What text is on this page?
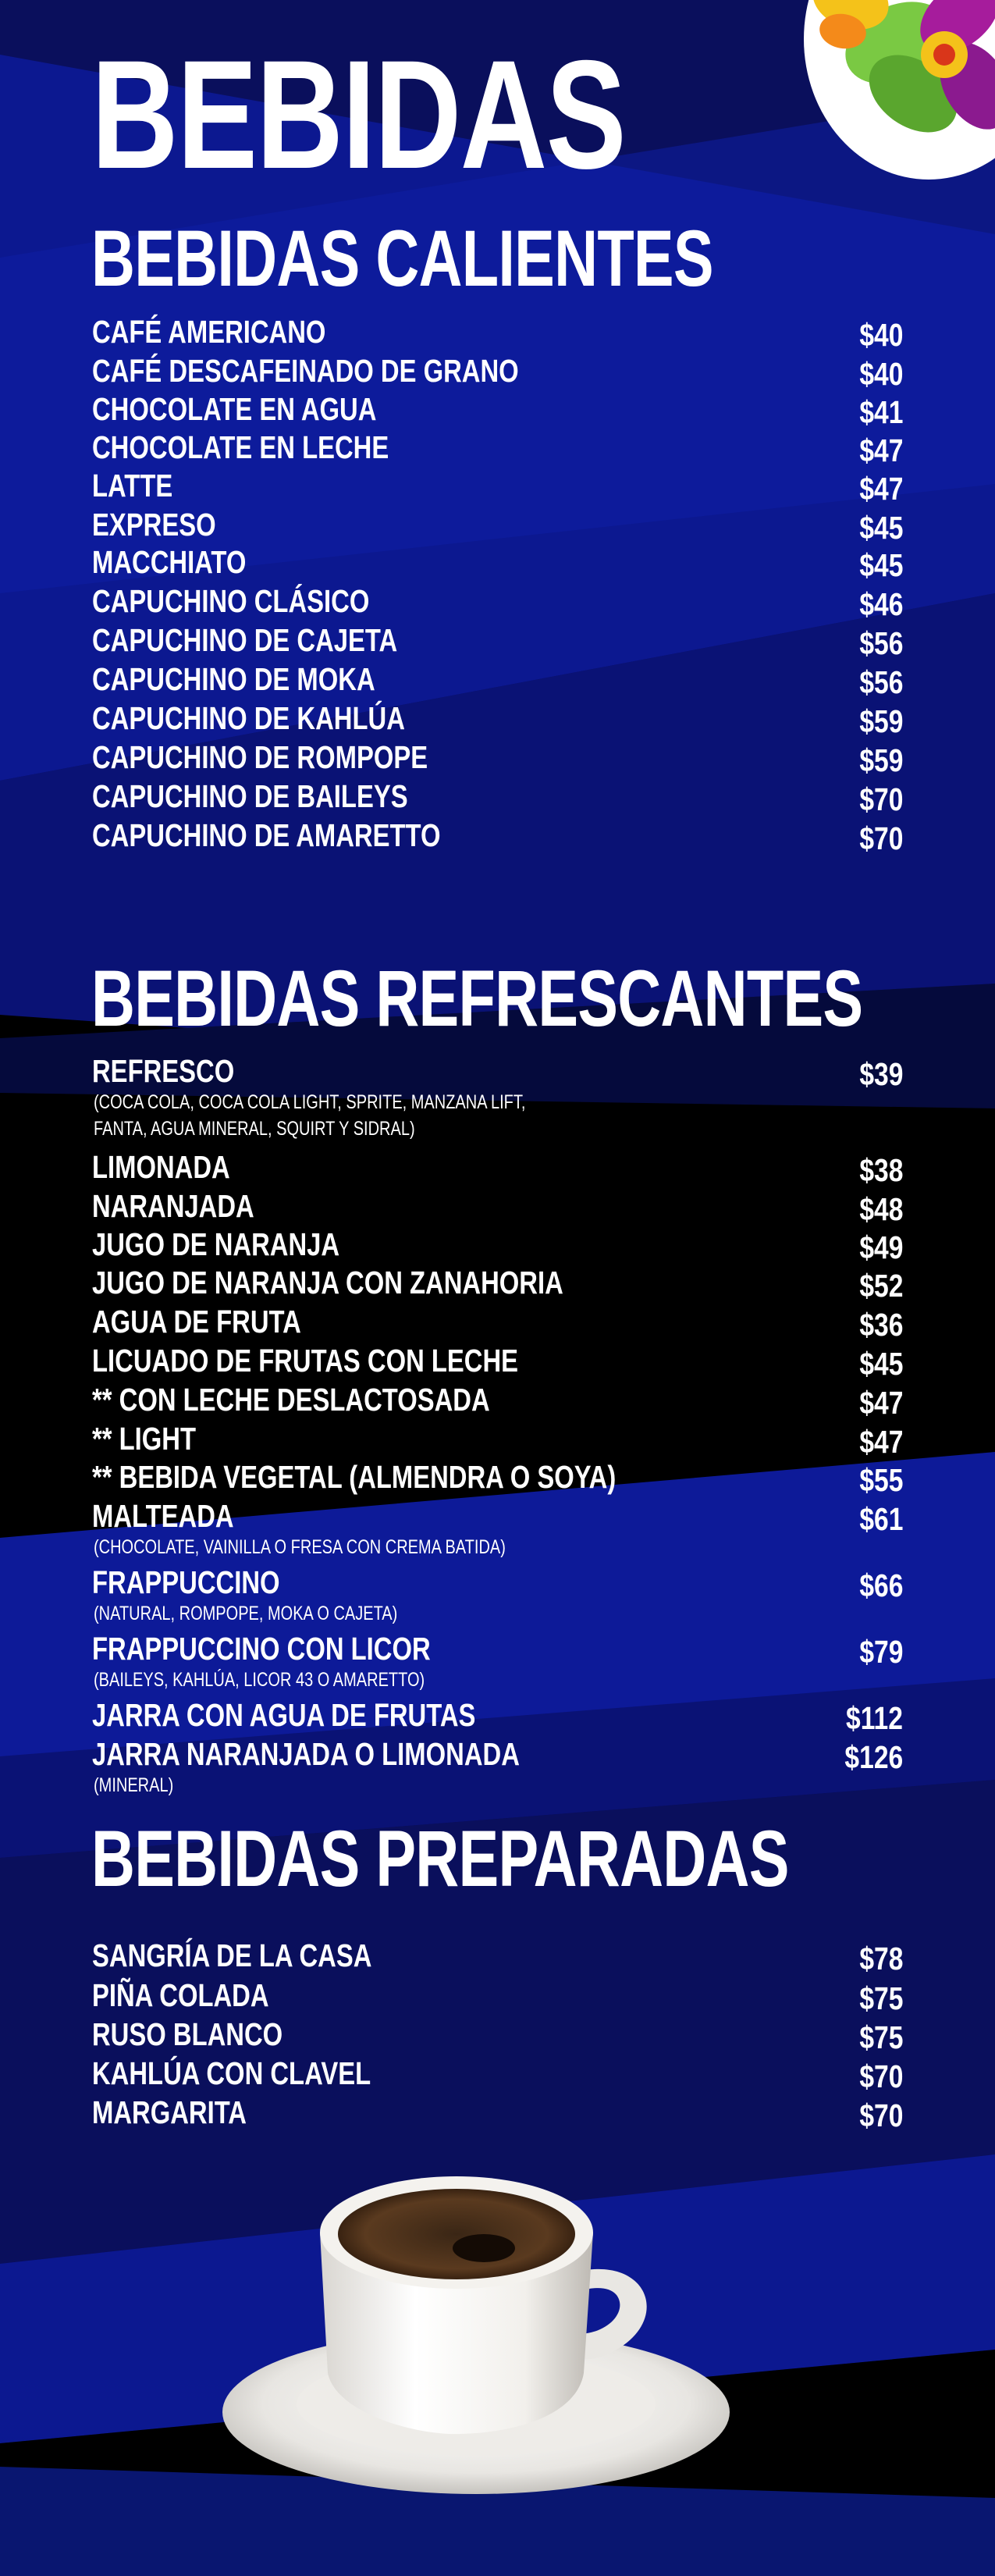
BEBIDAS
BEBIDAS CALIENTES
CAFÉ AMERICANO	$40
CAFÉ DESCAFEINADO DE GRANO	$40
CHOCOLATE EN AGUA	$41
CHOCOLATE EN LECHE	$47
LATTE	$47
EXPRESO	$45
MACCHIATO	$45
CAPUCHINO CLÁSICO	$46
CAPUCHINO DE CAJETA	$56
CAPUCHINO DE MOKA	$56
CAPUCHINO DE KAHLÚA	$59
CAPUCHINO DE ROMPOPE	$59
CAPUCHINO DE BAILEYS	$70
CAPUCHINO DE AMARETTO	$70
BEBIDAS REFRESCANTES
REFRESCO	$39
(COCA COLA, COCA COLA LIGHT, SPRITE, MANZANA LIFT,
FANTA, AGUA MINERAL, SQUIRT Y SIDRAL)
LIMONADA	$38
NARANJADA	$48
JUGO DE NARANJA	$49
JUGO DE NARANJA CON ZANAHORIA	$52
AGUA DE FRUTA	$36
LICUADO DE FRUTAS CON LECHE	$45
** CON LECHE DESLACTOSADA	$47
** LIGHT	$47
** BEBIDA VEGETAL (ALMENDRA O SOYA)	$55
MALTEADA	$61
(CHOCOLATE, VAINILLA O FRESA CON CREMA BATIDA)
FRAPPUCCINO	$66
(NATURAL, ROMPOPE, MOKA O CAJETA)
FRAPPUCCINO CON LICOR	$79
(BAILEYS, KAHLÚA, LICOR 43 O AMARETTO)
JARRA CON AGUA DE FRUTAS	$112
JARRA NARANJADA O LIMONADA	$126
(MINERAL)
BEBIDAS PREPARADAS
SANGRÍA DE LA CASA	$78
PIÑA COLADA	$75
RUSO BLANCO	$75
KAHLÚA CON CLAVEL	$70
MARGARITA	$70
